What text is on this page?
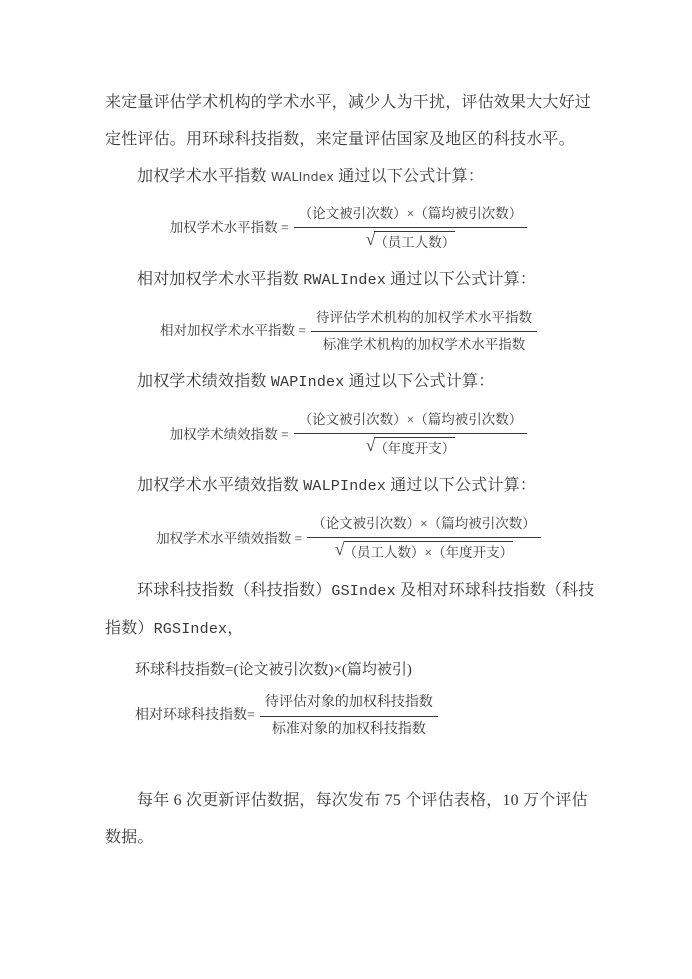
来定量评估学术机构的学术水平，减少人为干扰，评估效果大大好过
定性评估。用环球科技指数，来定量评估国家及地区的科技水平。
加权学术水平指数 WALIndex 通过以下公式计算：
加权学术水平指数 = $\frac{\text{（论文被引次数）×（篇均被引次数）}}{\text{√ （员工人数）}}$
相对加权学术水平指数 RWALIndex 通过以下公式计算：
相对加权学术水平指数 = $\frac{\text{待评估学术机构的加权学术水平指数}}{\text{标准学术机构的加权学术水平指数}}$
加权学术绩效指数 WAPIndex 通过以下公式计算：
加权学术绩效指数 = $\frac{\text{（论文被引次数）×（篇均被引次数）}}{\text{√ （年度开支）}}$
加权学术水平绩效指数 WALPIndex 通过以下公式计算：
加权学术水平绩效指数 = $\frac{\text{（论文被引次数）×（篇均被引次数）}}{\text{√ （员工人数）×（年度开支）}}$
环球科技指数（科技指数）GSIndex 及相对环球科技指数（科技
指数）RGSIndex，
环球科技指数=(论文被引次数)×(篇均被引)
相对环球科技指数= $\frac{\text{待评估对象的加权科技指数}}{\text{标准对象的加权科技指数}}$
每年 6 次更新评估数据，每次发布 75 个评估表格，10 万个评估
数据。
